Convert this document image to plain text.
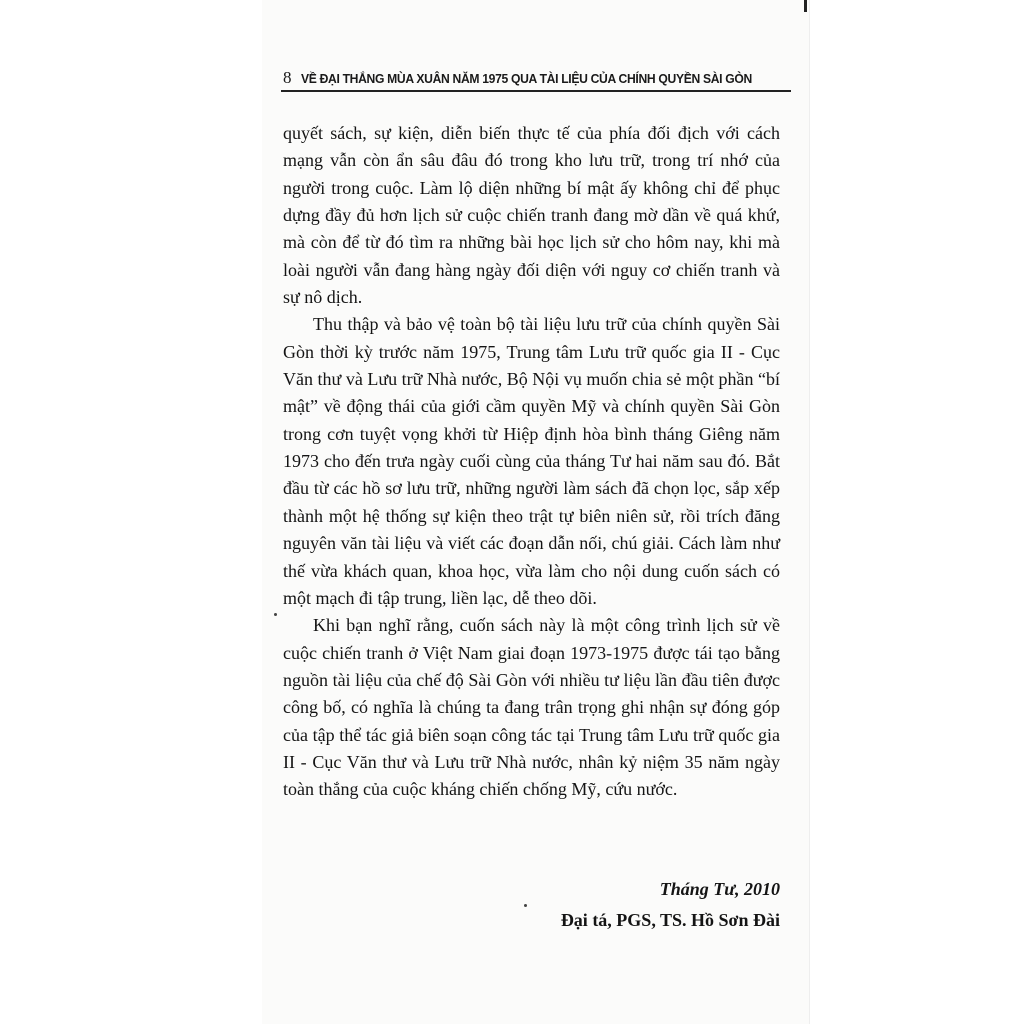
8 VỀ ĐẠI THẮNG MÙA XUÂN NĂM 1975 QUA TÀI LIỆU CỦA CHÍNH QUYỀN SÀI GÒN

quyết sách, sự kiện, diễn biến thực tế của phía đối địch với cách mạng vẫn còn ẩn sâu đâu đó trong kho lưu trữ, trong trí nhớ của người trong cuộc. Làm lộ diện những bí mật ấy không chỉ để phục dựng đầy đủ hơn lịch sử cuộc chiến tranh đang mờ dần về quá khứ, mà còn để từ đó tìm ra những bài học lịch sử cho hôm nay, khi mà loài người vẫn đang hàng ngày đối diện với nguy cơ chiến tranh và sự nô dịch.

Thu thập và bảo vệ toàn bộ tài liệu lưu trữ của chính quyền Sài Gòn thời kỳ trước năm 1975, Trung tâm Lưu trữ quốc gia II - Cục Văn thư và Lưu trữ Nhà nước, Bộ Nội vụ muốn chia sẻ một phần “bí mật” về động thái của giới cầm quyền Mỹ và chính quyền Sài Gòn trong cơn tuyệt vọng khởi từ Hiệp định hòa bình tháng Giêng năm 1973 cho đến trưa ngày cuối cùng của tháng Tư hai năm sau đó. Bắt đầu từ các hồ sơ lưu trữ, những người làm sách đã chọn lọc, sắp xếp thành một hệ thống sự kiện theo trật tự biên niên sử, rồi trích đăng nguyên văn tài liệu và viết các đoạn dẫn nối, chú giải. Cách làm như thế vừa khách quan, khoa học, vừa làm cho nội dung cuốn sách có một mạch đi tập trung, liền lạc, dễ theo dõi.

Khi bạn nghĩ rằng, cuốn sách này là một công trình lịch sử về cuộc chiến tranh ở Việt Nam giai đoạn 1973-1975 được tái tạo bằng nguồn tài liệu của chế độ Sài Gòn với nhiều tư liệu lần đầu tiên được công bố, có nghĩa là chúng ta đang trân trọng ghi nhận sự đóng góp của tập thể tác giả biên soạn công tác tại Trung tâm Lưu trữ quốc gia II - Cục Văn thư và Lưu trữ Nhà nước, nhân kỷ niệm 35 năm ngày toàn thắng của cuộc kháng chiến chống Mỹ, cứu nước.

Tháng Tư, 2010
Đại tá, PGS, TS. Hồ Sơn Đài
